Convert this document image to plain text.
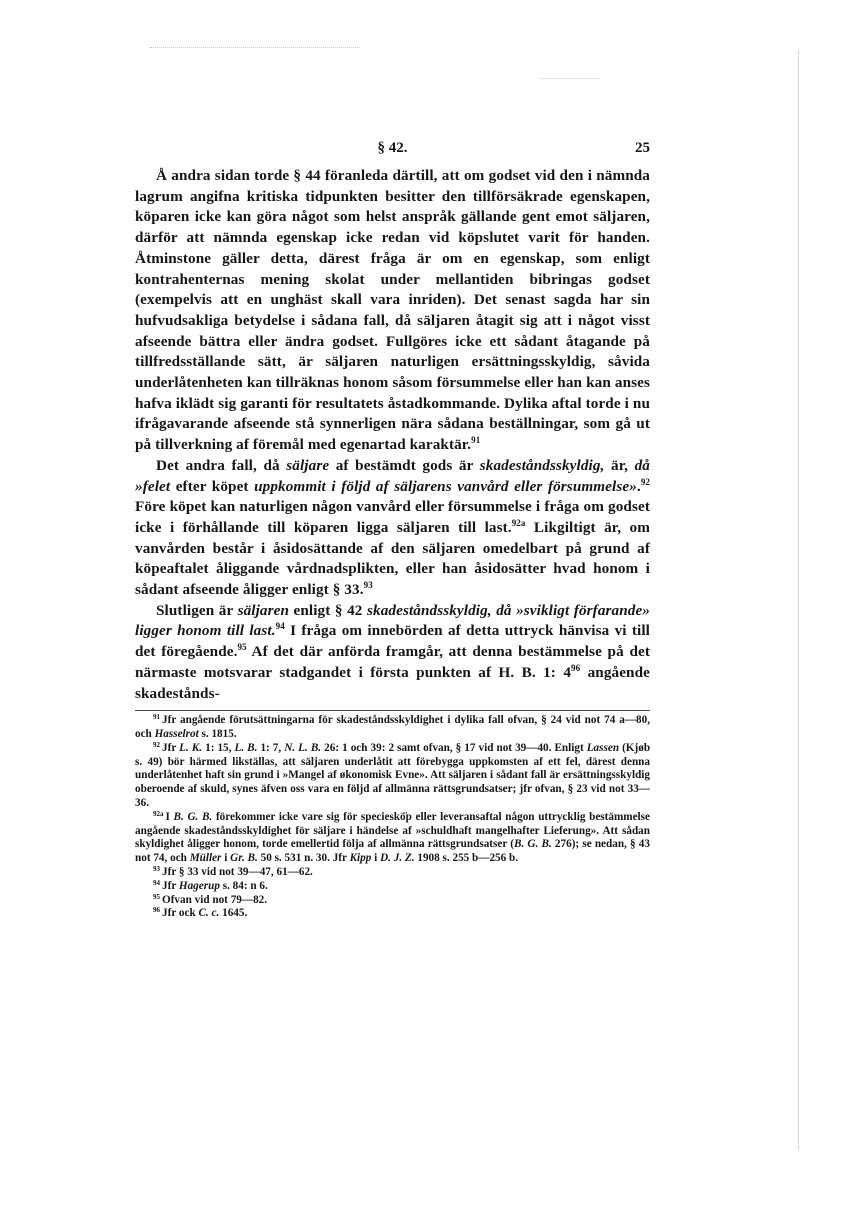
§ 42.	25

Å andra sidan torde § 44 föranleda därtill, att om godset vid den i nämnda lagrum angifna kritiska tidpunkten besitter den tillförsäkrade egenskapen, köparen icke kan göra något som helst anspråk gällande gent emot säljaren, därför att nämnda egenskap icke redan vid köpslutet varit för handen. Åtminstone gäller detta, därest fråga är om en egenskap, som enligt kontrahenternas mening skolat under mellantiden bibringas godset (exempelvis att en unghäst skall vara inriden). Det senast sagda har sin hufvudsakliga betydelse i sådana fall, då säljaren åtagit sig att i något visst afseende bättra eller ändra godset. Fullgöres icke ett sådant åtagande på tillfredsställande sätt, är säljaren naturligen ersättningsskyldig, såvida underlåtenheten kan tillräknas honom såsom försummelse eller han kan anses hafva iklädt sig garanti för resultatets åstadkommande. Dylika aftal torde i nu ifrågavarande afseende stå synnerligen nära sådana beställningar, som gå ut på tillverkning af föremål med egenartad karaktär.$^{91}$

Det andra fall, då säljare af bestämdt gods är skadeståndsskyldig, är, då »felet efter köpet uppkommit i följd af säljarens vanvård eller försummelse».$^{92}$ Före köpet kan naturligen någon vanvård eller försummelse i fråga om godset icke i förhållande till köparen ligga säljaren till last.$^{92a}$ Likgiltigt är, om vanvården består i åsidosättande af den säljaren omedelbart på grund af köpeaftalet åliggande vårdnadsplikten, eller han åsidosätter hvad honom i sådant afseende åligger enligt § 33.93

Slutligen är säljaren enligt § 42 skadeståndsskyldig, då »svikligt förfarande» ligger honom till last.$^{94}$ I fråga om innebörden af detta uttryck hänvisa vi till det föregående.$^{95}$ Af det där anförda framgår, att denna bestämmelse på det närmaste motsvarar stadgandet i första punkten af H. B. 1: $4^{96}$ angående skadestånds-

$^{91}$ Jfr angående förutsättningarna för skadeståndsskyldighet i dylika fall ofvan, § 24 vid not 74 a—80, och Hasselrot s. 1815.

$^{92}$ Jfr L. K. 1: 15, L. B. 1: 7, N. L. B. 26: 1 och 39: 2 samt ofvan, § 17 vid not 39—40. Enligt Lassen (Kjøb s. 49) bör härmed likställas, att säljaren underlåtit att förebygga uppkomsten af ett fel, därest denna underlåtenhet haft sin grund i »Mangel af økonomisk Evne». Att säljaren i sådant fall är ersättningsskyldig oberoende af skuld, synes äfven oss vara en följd af allmänna rättsgrundsatser; jfr ofvan, § 23 vid not 33—36.

$^{92a}$ I B. G. B. förekommer icke vare sig för specieskö̈p eller leveransaftal någon uttrycklig bestämmelse angående skadeståndsskyldighet för säljare i händelse af »schuldhaft mangelhafter Lieferung». Att sådan skyldighet åligger honom, torde emellertid följa af allmänna rättsgrundsatser (B. G. B. 276); se nedan, § 43 not 74, och Müller i Gr. B. 50 s. 531 n. 30. Jfr Kipp i D. J. Z. 1908 s. 255 b—256 b.

$^{93}$ Jfr § 33 vid not 39—47, 61—62.

$^{94}$ Jfr Hagerup s. 84: n 6.

$^{95}$ Ofvan vid not 79—82.

$^{96}$ Jfr ock C. c. 1645.
